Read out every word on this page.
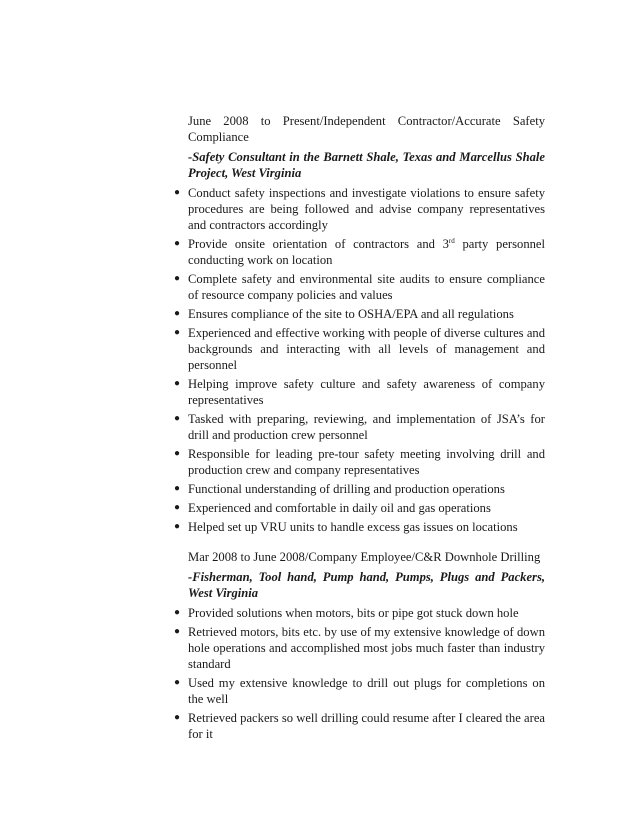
June 2008 to Present/Independent Contractor/Accurate Safety Compliance

-Safety Consultant in the Barnett Shale, Texas and Marcellus Shale
Project, West Virginia
● Conduct safety inspections and investigate violations to ensure safety procedures are being followed and advise company representatives and contractors accordingly
● Provide onsite orientation of contractors and 3rd party personnel conducting work on location
● Complete safety and environmental site audits to ensure compliance of resource company policies and values
● Ensures compliance of the site to OSHA/EPA and all regulations
● Experienced and effective working with people of diverse cultures and backgrounds and interacting with all levels of management and personnel
● Helping improve safety culture and safety awareness of company representatives
● Tasked with preparing, reviewing, and implementation of JSA’s for drill and production crew personnel
● Responsible for leading pre-tour safety meeting involving drill and production crew and company representatives
● Functional understanding of drilling and production operations
● Experienced and comfortable in daily oil and gas operations
● Helped set up VRU units to handle excess gas issues on locations

Mar 2008 to June 2008/Company Employee/C&R Downhole Drilling

-Fisherman, Tool hand, Pump hand, Pumps, Plugs and Packers,
West Virginia
● Provided solutions when motors, bits or pipe got stuck down hole
● Retrieved motors, bits etc. by use of my extensive knowledge of down hole operations and accomplished most jobs much faster than industry standard
● Used my extensive knowledge to drill out plugs for completions on the well
● Retrieved packers so well drilling could resume after I cleared the area for it
